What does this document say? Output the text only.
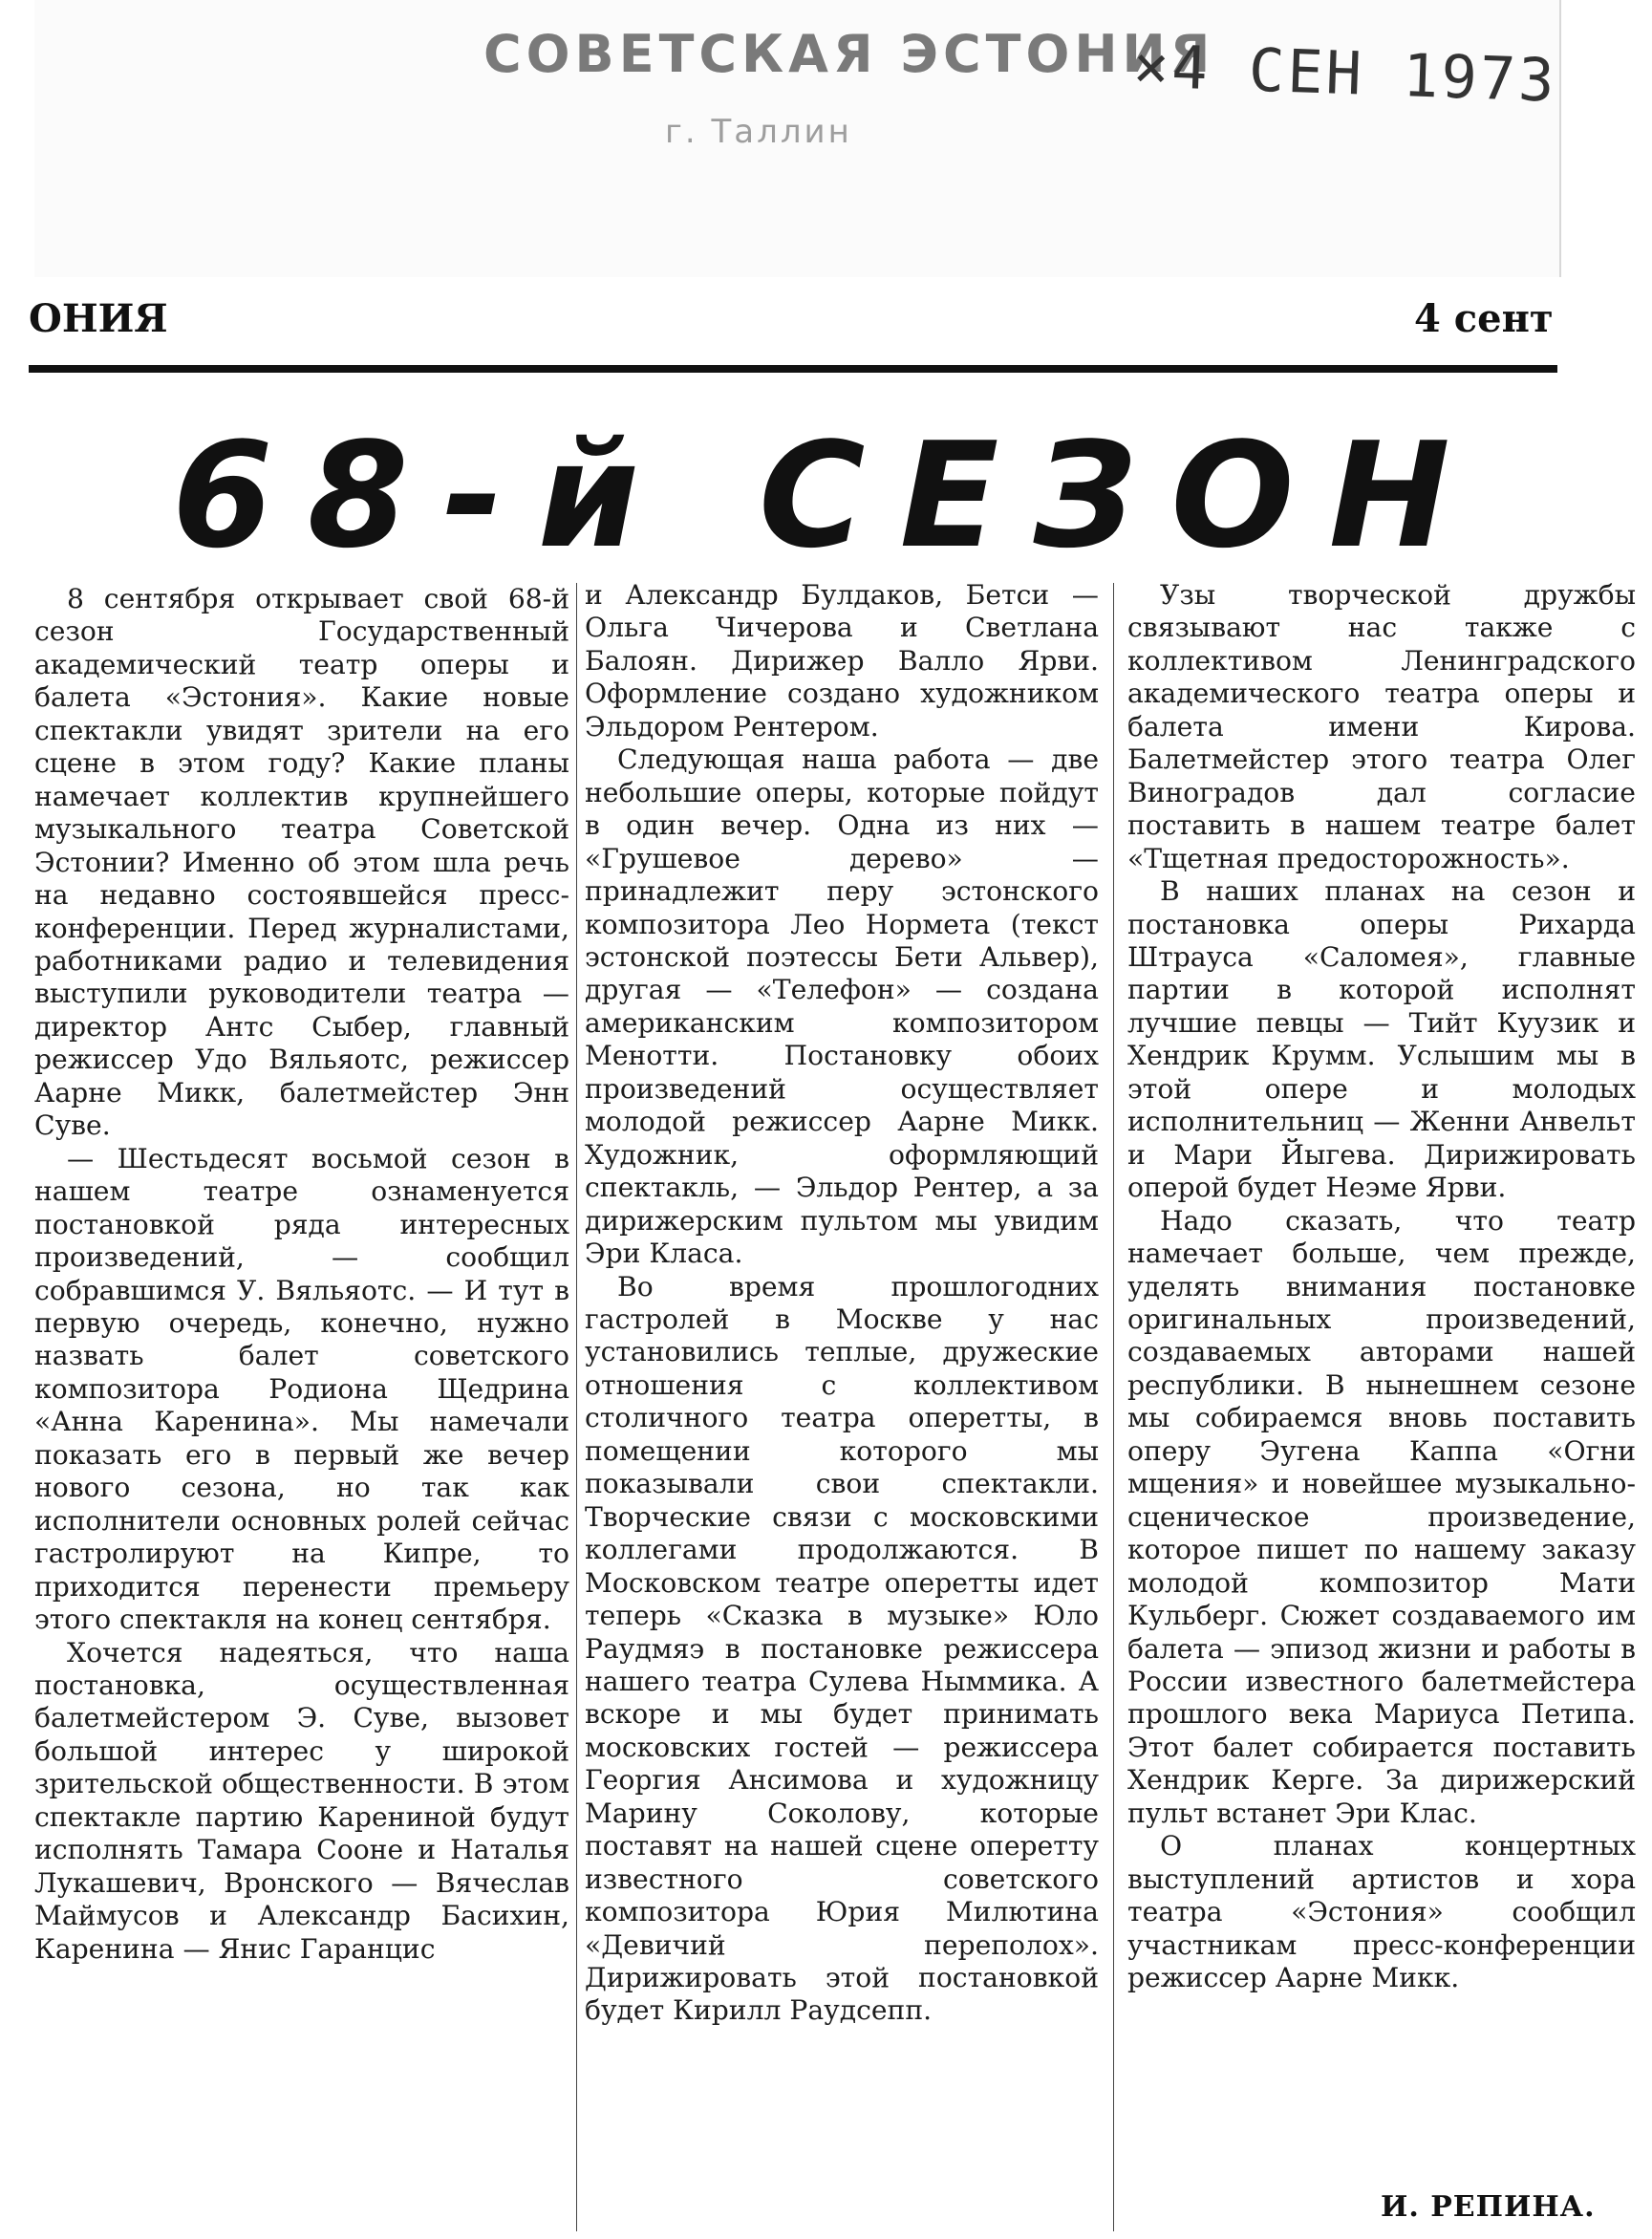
СОВЕТСКАЯ ЭСТОНИЯ
г. Таллин
×4 СЕН 1973
ОНИЯ	4 сент
68-й СЕЗОН

8 сентября открывает свой 68-й сезон Государственный академический театр оперы и балета «Эстония». Какие новые спектакли увидят зрители на его сцене в этом году? Какие планы намечает коллектив крупнейшего музыкального театра Советской Эстонии? Именно об этом шла речь на недавно состоявшейся пресс-конференции. Перед журналистами, работниками радио и телевидения выступили руководители театра — директор Антс Сыбер, главный режиссер Удо Вяльяотс, режиссер Аарне Микк, балетмейстер Энн Суве.

— Шестьдесят восьмой сезон в нашем театре ознаменуется постановкой ряда интересных произведений, — сообщил собравшимся У. Вяльяотс. — И тут в первую очередь, конечно, нужно назвать балет советского композитора Родиона Щедрина «Анна Каренина». Мы намечали показать его в первый же вечер нового сезона, но так как исполнители основных ролей сейчас гастролируют на Кипре, то приходится перенести премьеру этого спектакля на конец сентября.

Хочется надеяться, что наша постановка, осуществленная балетмейстером Э. Суве, вызовет большой интерес у широкой зрительской общественности. В этом спектакле партию Карениной будут исполнять Тамара Сооне и Наталья Лукашевич, Вронского — Вячеслав Маймусов и Александр Басихин, Каренина — Янис Гаранцис

и Александр Булдаков, Бетси — Ольга Чичерова и Светлана Балоян. Дирижер Валло Ярви. Оформление создано художником Эльдором Рентером.

Следующая наша работа — две небольшие оперы, которые пойдут в один вечер. Одна из них — «Грушевое дерево» — принадлежит перу эстонского композитора Лео Нормета (текст эстонской поэтессы Бети Альвер), другая — «Телефон» — создана американским композитором Менотти. Постановку обоих произведений осуществляет молодой режиссер Аарне Микк. Художник, оформляющий спектакль, — Эльдор Рентер, а за дирижерским пультом мы увидим Эри Класа.

Во время прошлогодних гастролей в Москве у нас установились теплые, дружеские отношения с коллективом столичного театра оперетты, в помещении которого мы показывали свои спектакли. Творческие связи с московскими коллегами продолжаются. В Московском театре оперетты идет теперь «Сказка в музыке» Юло Раудмяэ в постановке режиссера нашего театра Сулева Ныммика. А вскоре и мы будет принимать московских гостей — режиссера Георгия Ансимова и художницу Марину Соколову, которые поставят на нашей сцене оперетту известного советского композитора Юрия Милютина «Девичий переполох». Дирижировать этой постановкой будет Кирилл Раудсепп.

Узы творческой дружбы связывают нас также с коллективом Ленинградского академического театра оперы и балета имени Кирова. Балетмейстер этого театра Олег Виноградов дал согласие поставить в нашем театре балет «Тщетная предосторожность».

В наших планах на сезон и постановка оперы Рихарда Штрауса «Саломея», главные партии в которой исполнят лучшие певцы — Тийт Куузик и Хендрик Крумм. Услышим мы в этой опере и молодых исполнительниц — Женни Анвельт и Мари Йыгева. Дирижировать оперой будет Неэме Ярви.

Надо сказать, что театр намечает больше, чем прежде, уделять внимания постановке оригинальных произведений, создаваемых авторами нашей республики. В нынешнем сезоне мы собираемся вновь поставить оперу Эугена Каппа «Огни мщения» и новейшее музыкально-сценическое произведение, которое пишет по нашему заказу молодой композитор Мати Кульберг. Сюжет создаваемого им балета — эпизод жизни и работы в России известного балетмейстера прошлого века Мариуса Петипа. Этот балет собирается поставить Хендрик Керге. За дирижерский пульт встанет Эри Клас.

О планах концертных выступлений артистов и хора театра «Эстония» сообщил участникам пресс-конференции режиссер Аарне Микк.

И. РЕПИНА.
